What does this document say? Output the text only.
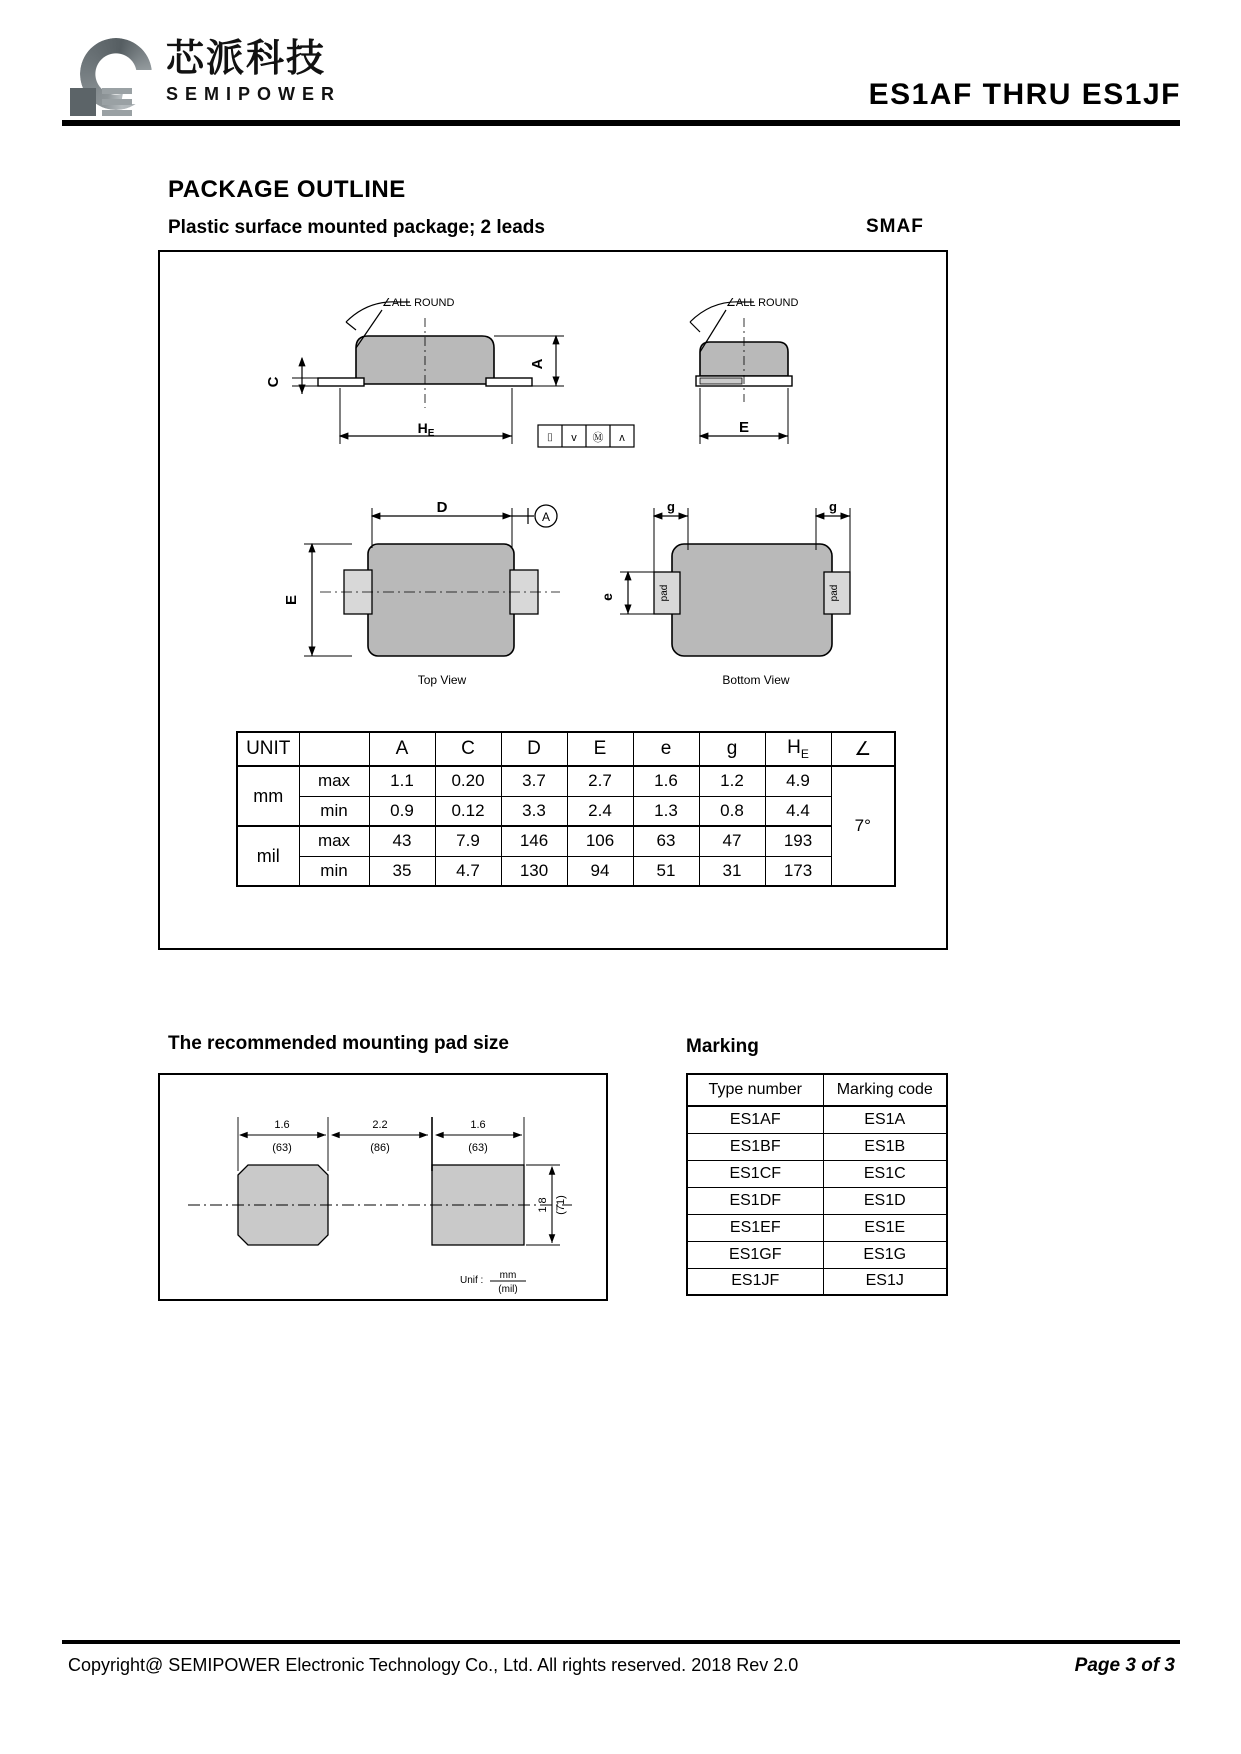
芯派科技
SEMIPOWER	ES1AF THRU ES1JF
PACKAGE OUTLINE
Plastic surface mounted package; 2 leads	SMAF
∠ALL ROUND
C
A
$H_E$	⌷ v Ⓜ ʌ
∠ALL ROUND
E
D
A
E
Top View
pad	pad
g	g
e
Bottom View
UNIT		A	C	D	E	e	g	$H_E$	∠
mm	max	1.1	0.20	3.7	2.7	1.6	1.2	4.9	7°
	min	0.9	0.12	3.3	2.4	1.3	0.8	4.4	
mil	max	43	7.9	146	106	63	47	193	
	min	35	4.7	130	94	51	31	173	
The recommended mounting pad size
1.6
(63)
2.2
(86)
1.6
(63)
1.8 (71)
Unif : mm
(mil)
Marking
Type number	Marking code
ES1AF	ES1A
ES1BF	ES1B
ES1CF	ES1C
ES1DF	ES1D
ES1EF	ES1E
ES1GF	ES1G
ES1JF	ES1J
Copyright@ SEMIPOWER Electronic Technology Co., Ltd. All rights reserved. 2018 Rev 2.0	Page 3 of 3
